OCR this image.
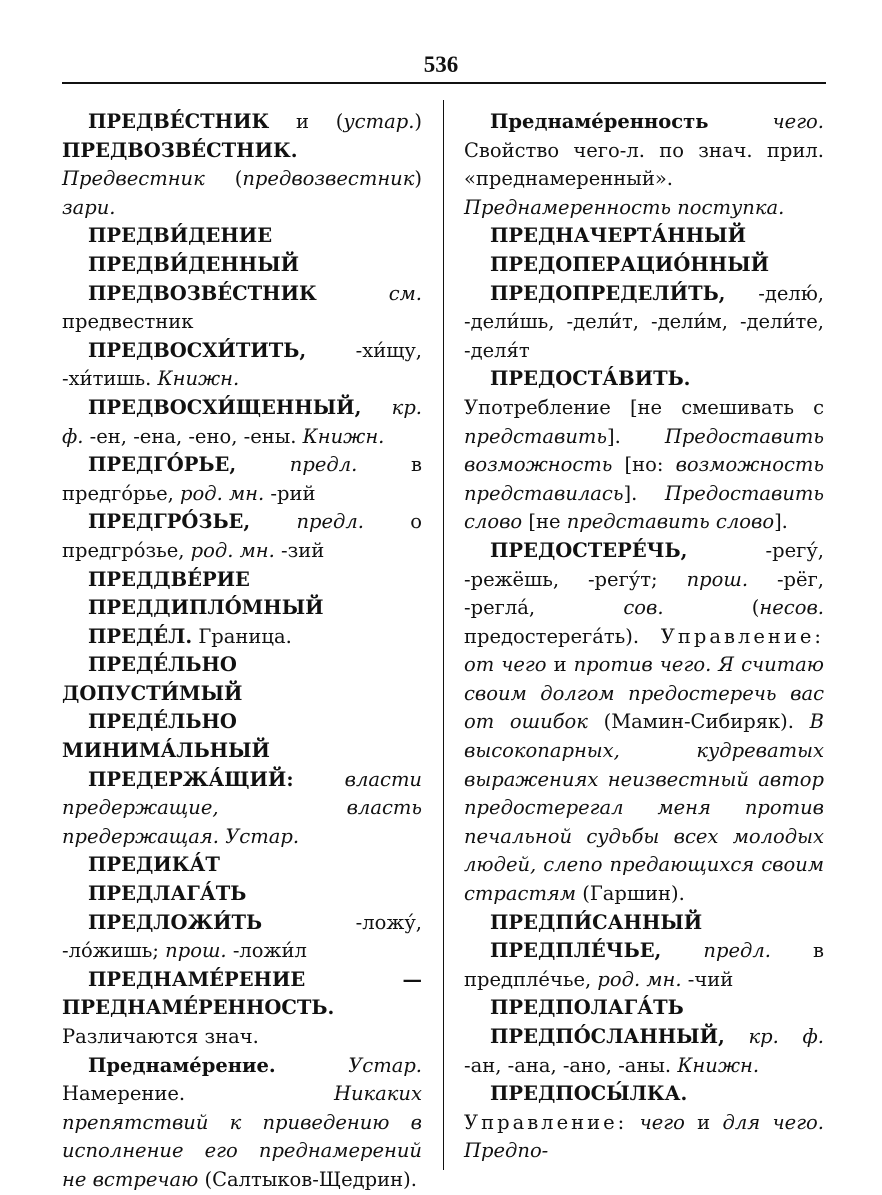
536

ПРЕДВЕ́СТНИК и (устар.) ПРЕДВОЗВЕ́СТНИК. Предвестник (предвозвестник) зари.

ПРЕДВИ́ДЕНИЕ

ПРЕДВИ́ДЕННЫЙ

ПРЕДВОЗВЕ́СТНИК	см. предвестник

ПРЕДВОСХИ́ТИТЬ, -хи́щу, -хи́тишь. Книжн.

ПРЕДВОСХИ́ЩЕННЫЙ, кр. ф. -ен, -ена, -ено, -ены. Книжн.

ПРЕДГО́РЬЕ,	предл. в предго́рье, род. мн. -рий

ПРЕДГРО́ЗЬЕ, предл. о предгро́зье, род. мн. -зий

ПРЕДДВЕ́РИЕ

ПРЕДДИПЛО́МНЫЙ

ПРЕДЕ́Л. Граница.

ПРЕДЕ́ЛЬНО ДОПУСТИ́МЫЙ

ПРЕДЕ́ЛЬНО МИНИМА́ЛЬНЫЙ

ПРЕДЕРЖА́ЩИЙ:	власти предержащие, власть предержащая. Устар.

ПРЕДИКА́Т

ПРЕДЛАГА́ТЬ

ПРЕДЛОЖИ́ТЬ -ложу́, -ло́жишь; прош. -ложи́л

ПРЕДНАМЕ́РЕНИЕ — ПРЕДНАМЕ́РЕННОСТЬ. Различаются знач.

Преднаме́рение.	Устар. Намерение. Никаких препятствий к приведению в исполнение его преднамерений не встречаю (Салтыков-Щедрин).

Преднаме́ренность	чего. Свойство чего-л. по знач. прил. «преднамеренный». Преднамеренность поступка.

ПРЕДНАЧЕРТА́ННЫЙ

ПРЕДОПЕРАЦИО́ННЫЙ

ПРЕДОПРЕДЕЛИ́ТЬ, -делю́, -дели́шь, -дели́т, -дели́м, -дели́те, -деля́т

ПРЕДОСТА́ВИТЬ. Употребление [не смешивать с представить]. Предоставить возможность [но: возможность представилась]. Предоставить слово [не представить слово].

ПРЕДОСТЕРЕ́ЧЬ, -регу́, -режёшь, -регу́т; прош. -рёг, -регла́, сов. (несов. предостерега́ть). Управление: от чего и против чего. Я считаю своим долгом предостеречь вас от ошибок (Мамин-Сибиряк). В высокопарных, кудреватых выражениях неизвестный автор предостерегал меня против печальной судьбы всех молодых людей, слепо предающихся своим страстям (Гаршин).

ПРЕДПИ́САННЫЙ

ПРЕДПЛЕ́ЧЬЕ, предл. в предпле́чье, род. мн. -чий

ПРЕДПОЛАГА́ТЬ

ПРЕДПО́СЛАННЫЙ, кр. ф. -ан, -ана, -ано, -аны. Книжн.

ПРЕДПОСЫ́ЛКА. Управление: чего и для чего. Предпо-
